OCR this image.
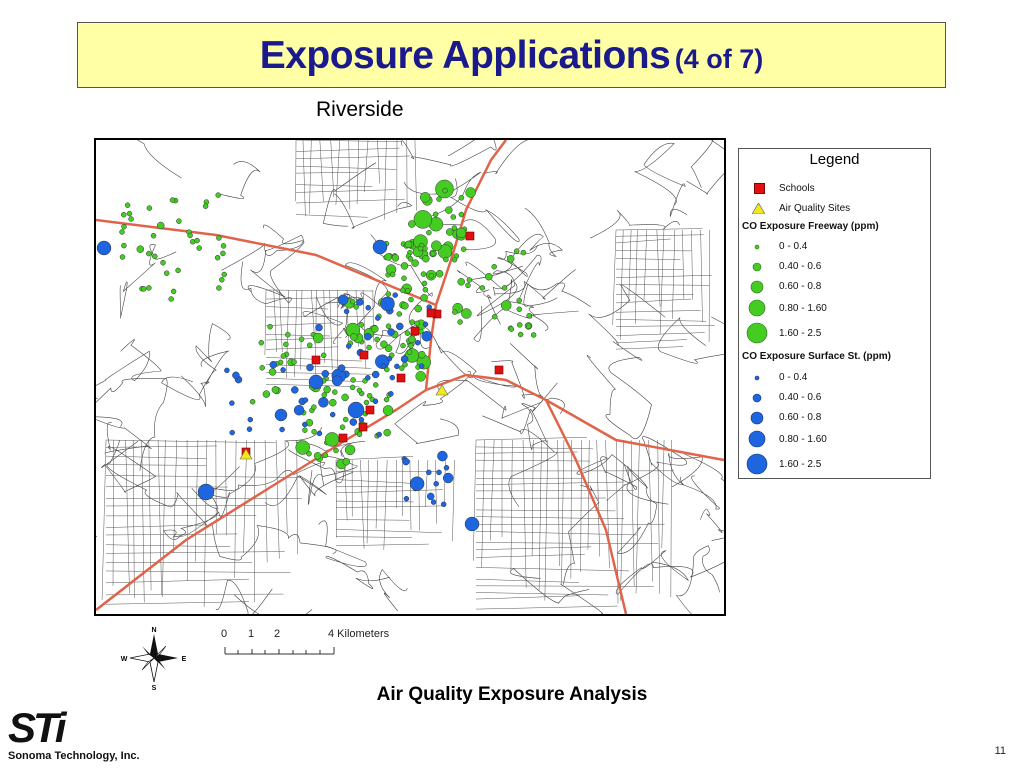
Exposure Applications (4 of 7)
Riverside
Legend
Schools
Air Quality Sites
CO Exposure Freeway (ppm)
0 - 0.4
0.40 - 0.6
0.60 - 0.8
0.80 - 1.60
1.60 - 2.5
CO Exposure Surface St. (ppm)
0 - 0.4
0.40 - 0.6
0.60 - 0.8
0.80 - 1.60
1.60 - 2.5
N
S
E
W
0 1 2	4 Kilometers
Air Quality Exposure Analysis
STi
Sonoma Technology, Inc.	11
